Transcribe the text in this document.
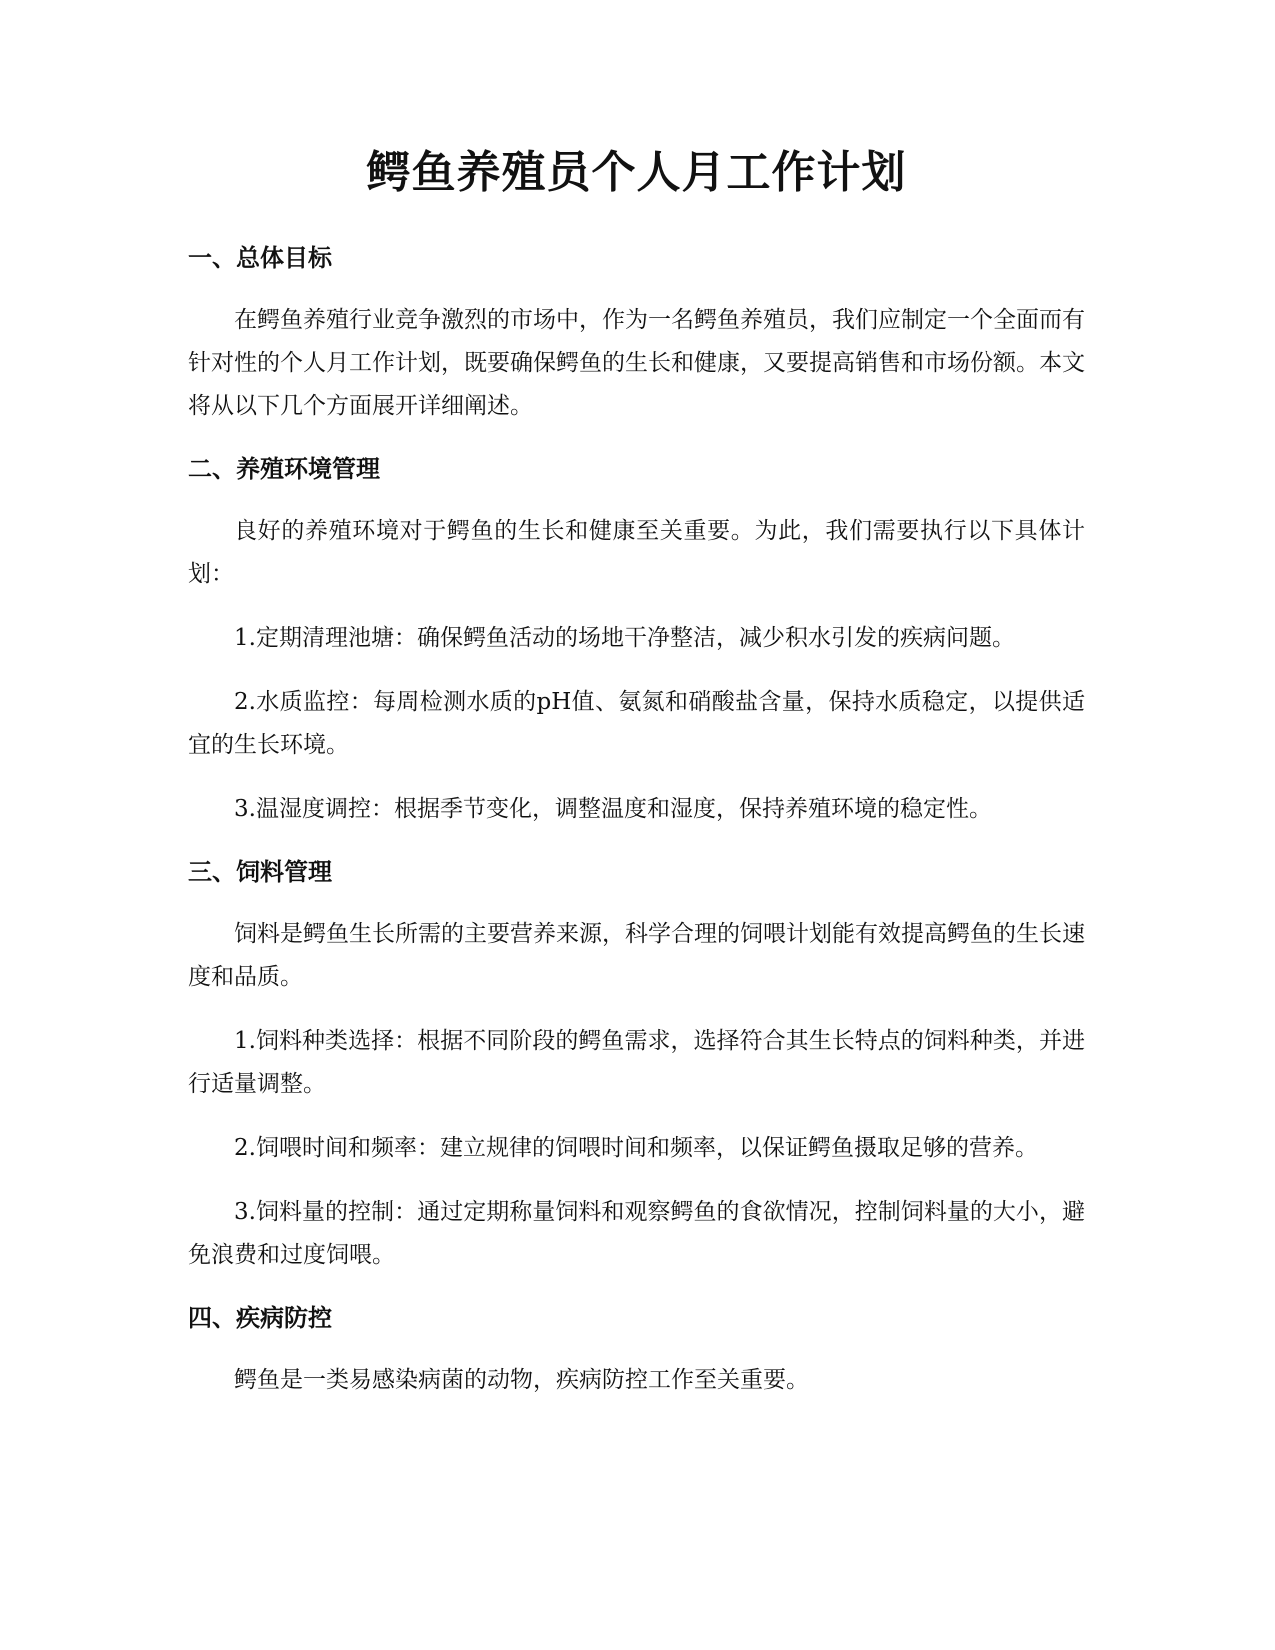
鳄鱼养殖员个人月工作计划
一、总体目标

在鳄鱼养殖行业竞争激烈的市场中，作为一名鳄鱼养殖员，我们应制定一个全面而有针对性的个人月工作计划，既要确保鳄鱼的生长和健康，又要提高销售和市场份额。本文将从以下几个方面展开详细阐述。

二、养殖环境管理

良好的养殖环境对于鳄鱼的生长和健康至关重要。为此，我们需要执行以下具体计划：

1.定期清理池塘：确保鳄鱼活动的场地干净整洁，减少积水引发的疾病问题。

2.水质监控：每周检测水质的pH值、氨氮和硝酸盐含量，保持水质稳定，以提供适宜的生长环境。

3.温湿度调控：根据季节变化，调整温度和湿度，保持养殖环境的稳定性。

三、饲料管理

饲料是鳄鱼生长所需的主要营养来源，科学合理的饲喂计划能有效提高鳄鱼的生长速度和品质。

1.饲料种类选择：根据不同阶段的鳄鱼需求，选择符合其生长特点的饲料种类，并进行适量调整。

2.饲喂时间和频率：建立规律的饲喂时间和频率，以保证鳄鱼摄取足够的营养。

3.饲料量的控制：通过定期称量饲料和观察鳄鱼的食欲情况，控制饲料量的大小，避免浪费和过度饲喂。

四、疾病防控

鳄鱼是一类易感染病菌的动物，疾病防控工作至关重要。
